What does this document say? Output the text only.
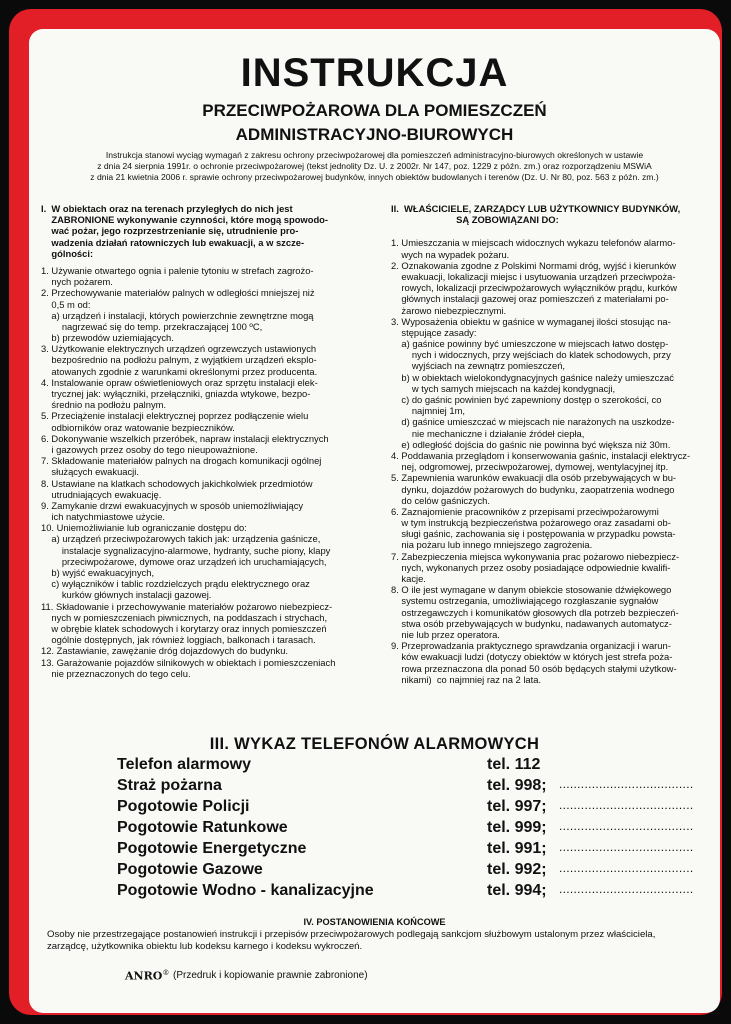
INSTRUKCJA
PRZECIWPOŻAROWA DLA POMIESZCZEŃ
ADMINISTRACYJNO-BIUROWYCH
Instrukcja stanowi wyciąg wymagań z zakresu ochrony przeciwpożarowej dla pomieszczeń administracyjno-biurowych określonych w ustawie
z dnia 24 sierpnia 1991r. o ochronie przeciwpożarowej (tekst jednolity Dz. U. z 2002r. Nr 147, poz. 1229 z późn. zm.) oraz rozporządzeniu MSWiA
z dnia 21 kwietnia 2006 r. sprawie ochrony przeciwpożarowej budynków, innych obiektów budowlanych i terenów (Dz. U. Nr 80, poz. 563 z późn. zm.)
I.  W obiektach oraz na terenach przyległych do nich jest
ZABRONIONE wykonywanie czynności, które mogą spowodo-
wać pożar, jego rozprzestrzenianie się, utrudnienie pro-
wadzenia działań ratowniczych lub ewakuacji, a w szcze-
gólności:
1. Używanie otwartego ognia i palenie tytoniu w strefach zagrożo-
nych pożarem.
2. Przechowywanie materiałów palnych w odległości mniejszej niż
0,5 m od:
a) urządzeń i instalacji, których powierzchnie zewnętrzne mogą
nagrzewać się do temp. przekraczającej 100 ºC,
b) przewodów uziemiających.
3. Użytkowanie elektrycznych urządzeń ogrzewczych ustawionych
bezpośrednio na podłożu palnym, z wyjątkiem urządzeń eksplo-
atowanych zgodnie z warunkami określonymi przez producenta.
4. Instalowanie opraw oświetleniowych oraz sprzętu instalacji elek-
trycznej jak: wyłączniki, przełączniki, gniazda wtykowe, bezpo-
średnio na podłożu palnym.
5. Przeciążenie instalacji elektrycznej poprzez podłączenie wielu
odbiorników oraz watowanie bezpieczników.
6. Dokonywanie wszelkich przeróbek, napraw instalacji elektrycznych
i gazowych przez osoby do tego nieupoważnione.
7. Składowanie materiałów palnych na drogach komunikacji ogólnej
służących ewakuacji.
8. Ustawiane na klatkach schodowych jakichkolwiek przedmiotów
utrudniających ewakuację.
9. Zamykanie drzwi ewakuacyjnych w sposób uniemożliwiający
ich natychmiastowe użycie.
10. Uniemożliwianie lub ograniczanie dostępu do:
a) urządzeń przeciwpożarowych takich jak: urządzenia gaśnicze,
instalacje sygnalizacyjno-alarmowe, hydranty, suche piony, klapy
przeciwpożarowe, dymowe oraz urządzeń ich uruchamiających,
b) wyjść ewakuacyjnych,
c) wyłączników i tablic rozdzielczych prądu elektrycznego oraz
kurków głównych instalacji gazowej.
11. Składowanie i przechowywanie materiałów pożarowo niebezpiecz-
nych w pomieszczeniach piwnicznych, na poddaszach i strychach,
w obrębie klatek schodowych i korytarzy oraz innych pomieszczeń
ogólnie dostępnych, jak również loggiach, balkonach i tarasach.
12. Zastawianie, zawężanie dróg dojazdowych do budynku.
13. Garażowanie pojazdów silnikowych w obiektach i pomieszczeniach
nie przeznaczonych do tego celu.
II.  WŁAŚCICIELE, ZARZĄDCY LUB UŻYTKOWNICY BUDYNKÓW,
SĄ ZOBOWIĄZANI DO:
1. Umieszczania w miejscach widocznych wykazu telefonów alarmo-
wych na wypadek pożaru.
2. Oznakowania zgodne z Polskimi Normami dróg, wyjść i kierunków
ewakuacji, lokalizacji miejsc i usytuowania urządzeń przeciwpoża-
rowych, lokalizacji przeciwpożarowych wyłączników prądu, kurków
głównych instalacji gazowej oraz pomieszczeń z materiałami po-
żarowo niebezpiecznymi.
3. Wyposażenia obiektu w gaśnice w wymaganej ilości stosując na-
stępujące zasady:
a) gaśnice powinny być umieszczone w miejscach łatwo dostęp-
nych i widocznych, przy wejściach do klatek schodowych, przy
wyjściach na zewnątrz pomieszczeń,
b) w obiektach wielokondygnacyjnych gaśnice należy umieszczać
w tych samych miejscach na każdej kondygnacji,
c) do gaśnic powinien być zapewniony dostęp o szerokości, co
najmniej 1m,
d) gaśnice umieszczać w miejscach nie narażonych na uszkodze-
nie mechaniczne i działanie źródeł ciepła,
e) odległość dojścia do gaśnic nie powinna być większa niż 30m.
4. Poddawania przeglądom i konserwowania gaśnic, instalacji elektrycz-
nej, odgromowej, przeciwpożarowej, dymowej, wentylacyjnej itp.
5. Zapewnienia warunków ewakuacji dla osób przebywających w bu-
dynku, dojazdów pożarowych do budynku, zaopatrzenia wodnego
do celów gaśniczych.
6. Zaznajomienie pracowników z przepisami przeciwpożarowymi
w tym instrukcją bezpieczeństwa pożarowego oraz zasadami ob-
sługi gaśnic, zachowania się i postępowania w przypadku powsta-
nia pożaru lub innego mniejszego zagrożenia.
7. Zabezpieczenia miejsca wykonywania prac pożarowo niebezpiecz-
nych, wykonanych przez osoby posiadające odpowiednie kwalifi-
kacje.
8. O ile jest wymagane w danym obiekcie stosowanie dźwiękowego
systemu ostrzegania, umożliwiającego rozgłaszanie sygnałów
ostrzegawczych i komunikatów głosowych dla potrzeb bezpieczeń-
stwa osób przebywających w budynku, nadawanych automatycz-
nie lub przez operatora.
9. Przeprowadzania praktycznego sprawdzania organizacji i warun-
ków ewakuacji ludzi (dotyczy obiektów w których jest strefa poża-
rowa przeznaczona dla ponad 50 osób będących stałymi użytkow-
nikami)  co najmniej raz na 2 lata.
III. WYKAZ TELEFONÓW ALARMOWYCH
Telefon alarmowy	tel. 112
Straż pożarna	tel. 998; .....................................
Pogotowie Policji	tel. 997; .....................................
Pogotowie Ratunkowe	tel. 999; .....................................
Pogotowie Energetyczne	tel. 991; .....................................
Pogotowie Gazowe	tel. 992; .....................................
Pogotowie Wodno - kanalizacyjne	tel. 994; .....................................
IV. POSTANOWIENIA KOŃCOWE
Osoby nie przestrzegające postanowień instrukcji i przepisów przeciwpożarowych podlegają sankcjom służbowym ustalonym przez właściciela,
zarządcę, użytkownika obiektu lub kodeksu karnego i kodeksu wykroczeń.
ANRO® (Przedruk i kopiowanie prawnie zabronione)
